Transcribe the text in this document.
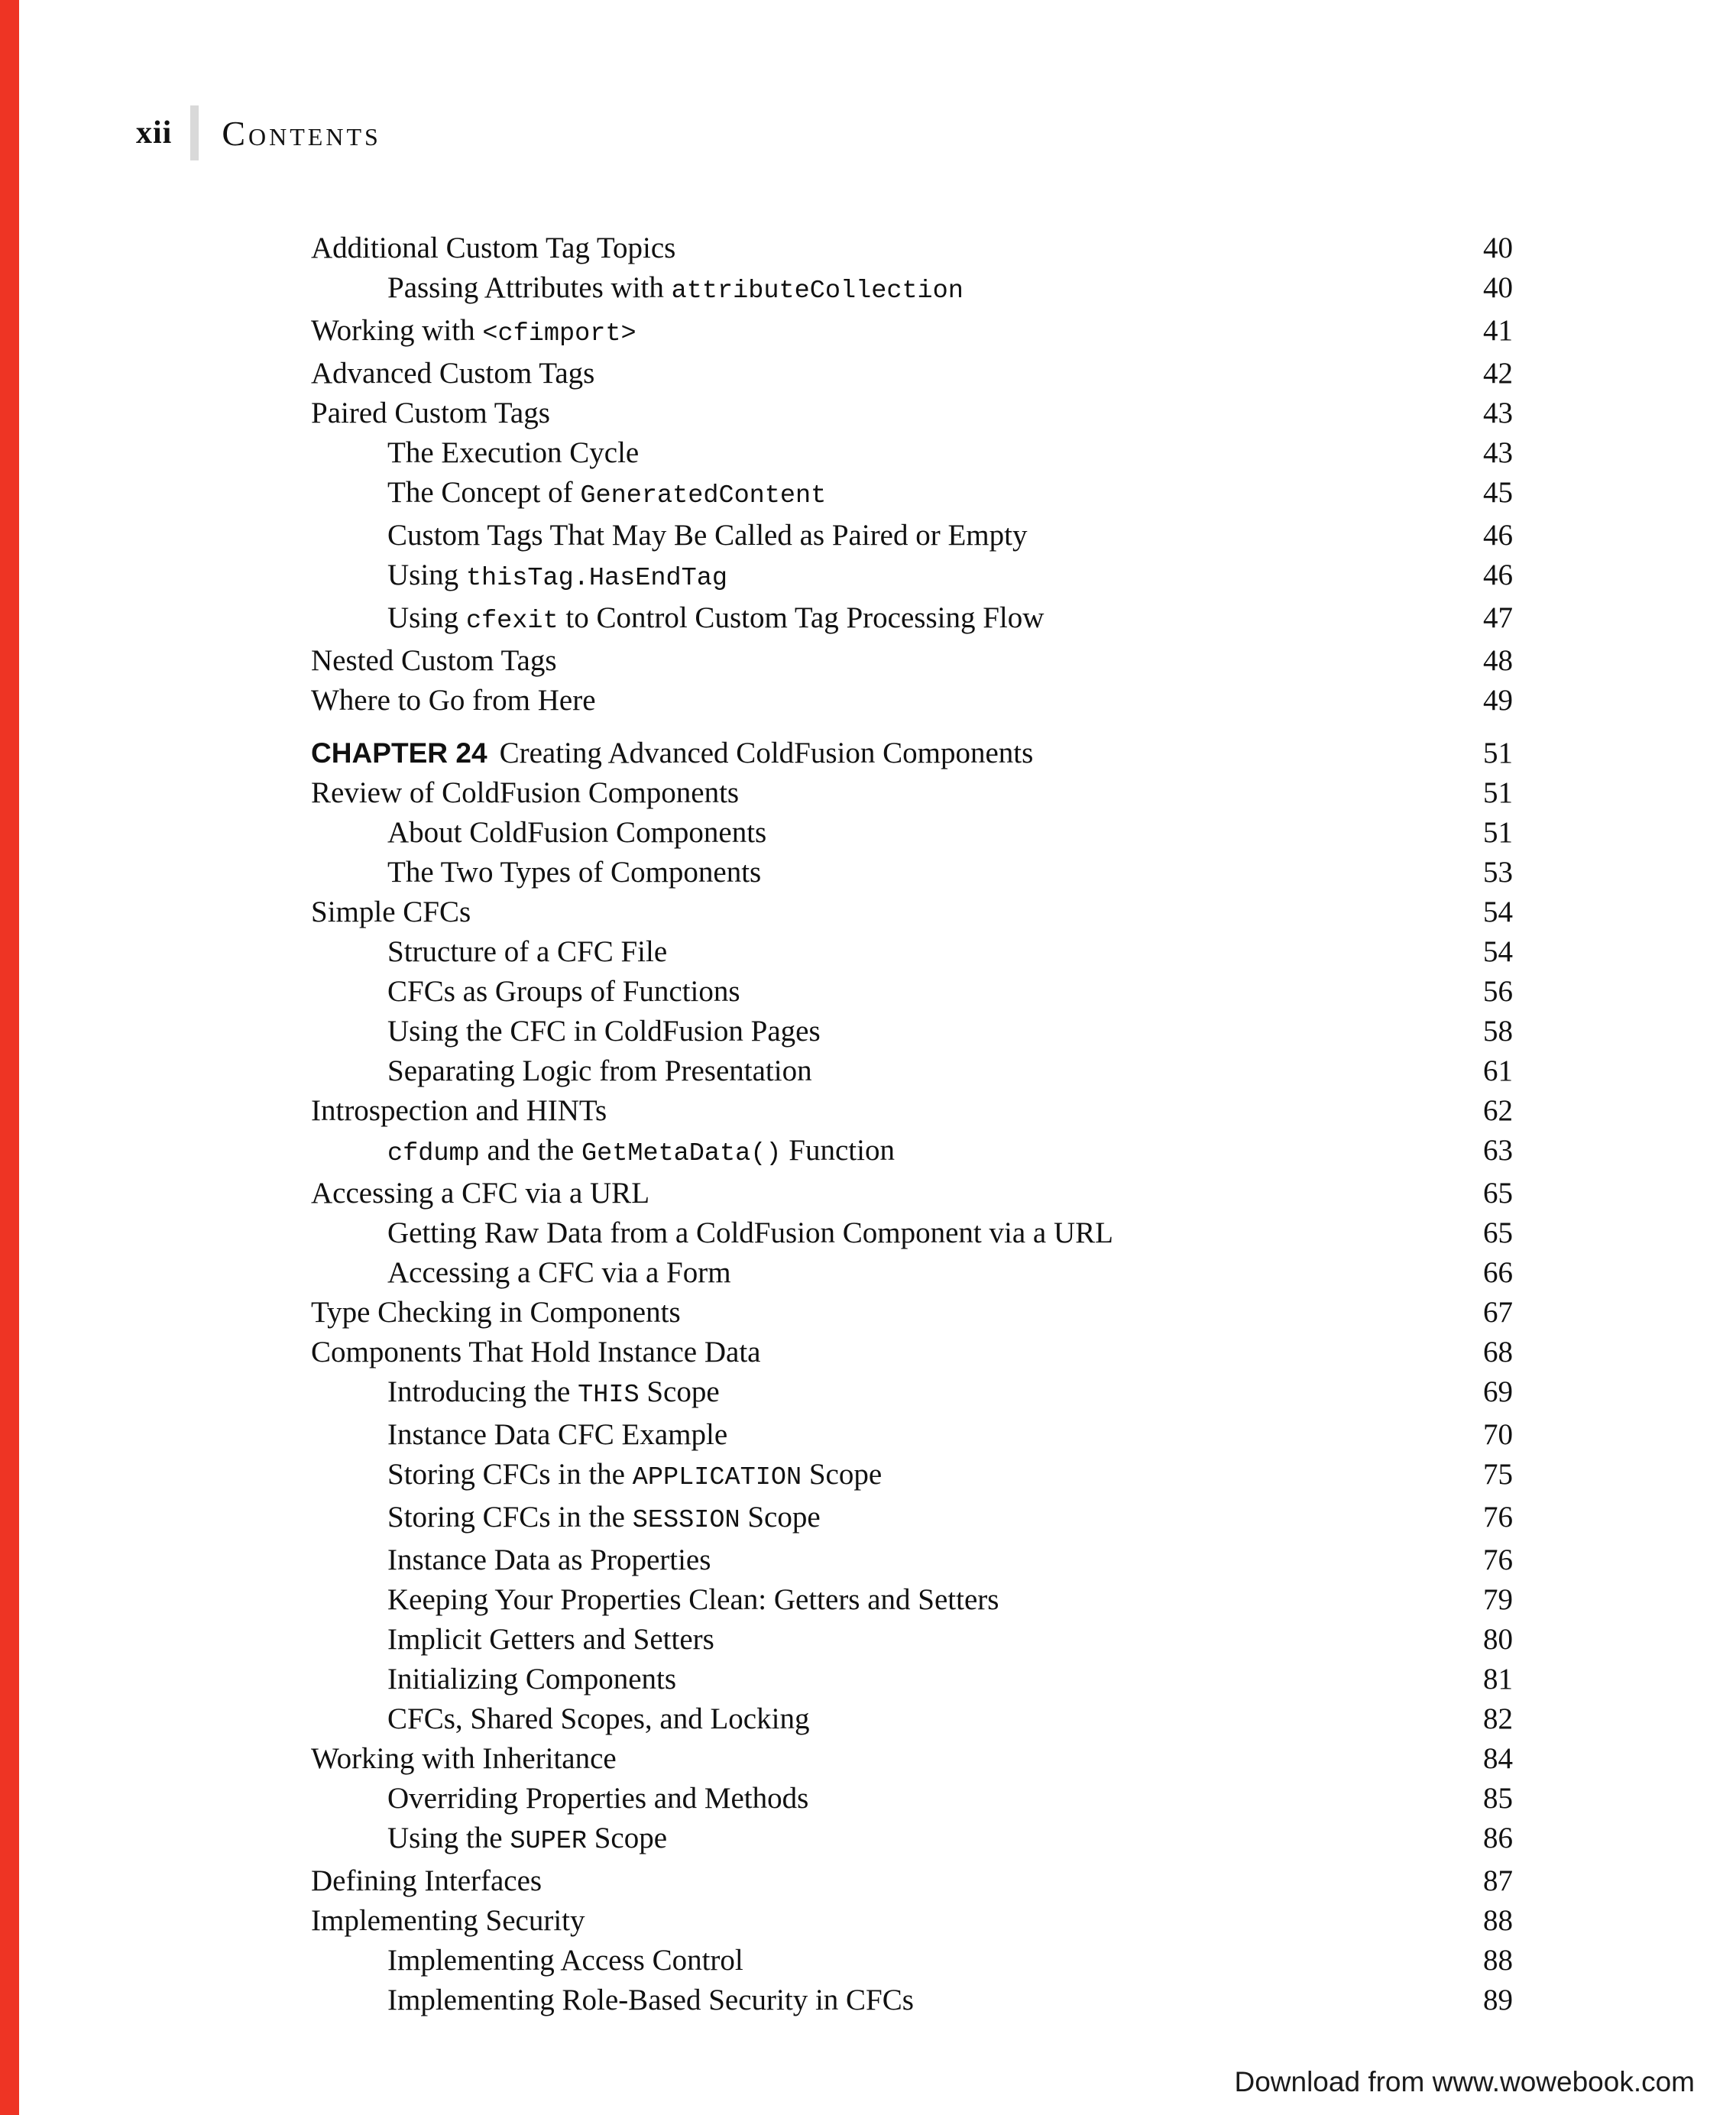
xii Contents
Additional Custom Tag Topics	40
Passing Attributes with attributeCollection	40
Working with <cfimport>	41
Advanced Custom Tags	42
Paired Custom Tags	43
The Execution Cycle	43
The Concept of GeneratedContent	45
Custom Tags That May Be Called as Paired or Empty	46
Using thisTag.HasEndTag	46
Using cfexit to Control Custom Tag Processing Flow	47
Nested Custom Tags	48
Where to Go from Here	49
CHAPTER 24 Creating Advanced ColdFusion Components	51
Review of ColdFusion Components	51
About ColdFusion Components	51
The Two Types of Components	53
Simple CFCs	54
Structure of a CFC File	54
CFCs as Groups of Functions	56
Using the CFC in ColdFusion Pages	58
Separating Logic from Presentation	61
Introspection and HINTs	62
cfdump and the GetMetaData() Function	63
Accessing a CFC via a URL	65
Getting Raw Data from a ColdFusion Component via a URL	65
Accessing a CFC via a Form	66
Type Checking in Components	67
Components That Hold Instance Data	68
Introducing the THIS Scope	69
Instance Data CFC Example	70
Storing CFCs in the APPLICATION Scope	75
Storing CFCs in the SESSION Scope	76
Instance Data as Properties	76
Keeping Your Properties Clean: Getters and Setters	79
Implicit Getters and Setters	80
Initializing Components	81
CFCs, Shared Scopes, and Locking	82
Working with Inheritance	84
Overriding Properties and Methods	85
Using the SUPER Scope	86
Defining Interfaces	87
Implementing Security	88
Implementing Access Control	88
Implementing Role-Based Security in CFCs	89
Download from www.wowebook.com
